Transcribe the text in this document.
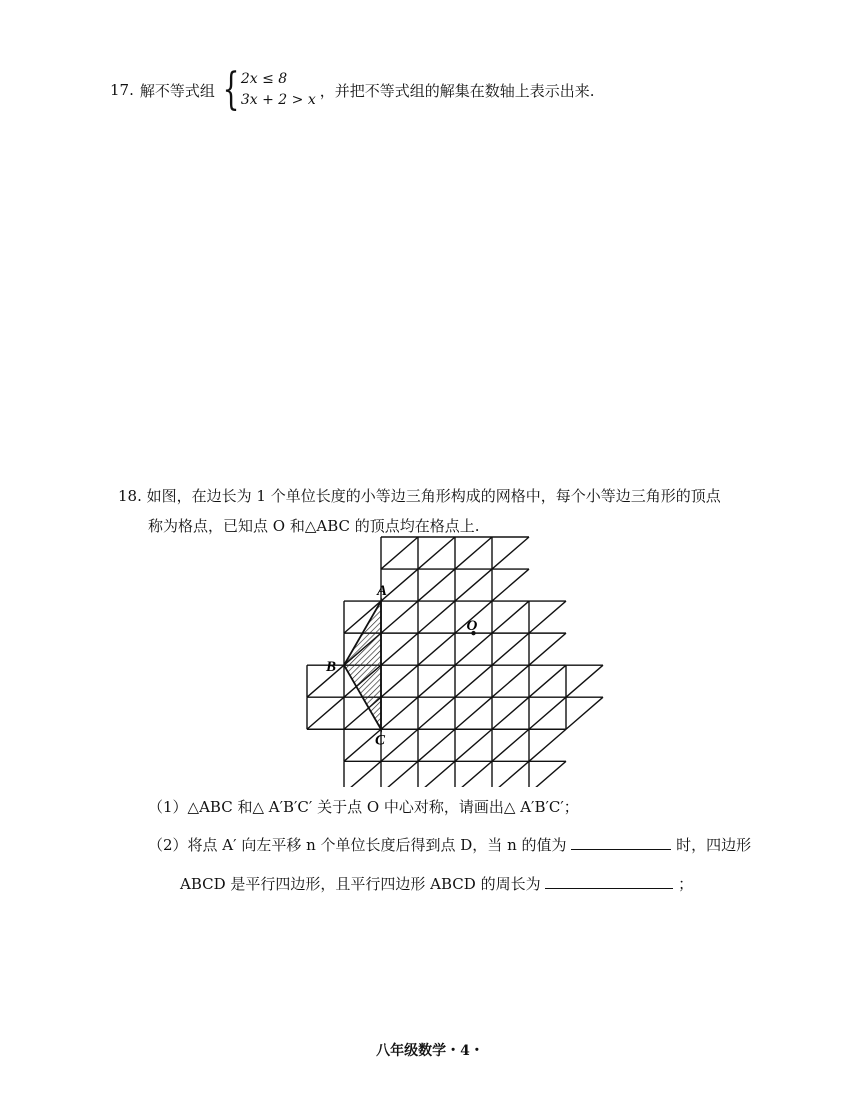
17. 解不等式组 { 2x ≤ 8
3x + 2 > x
，并把不等式组的解集在数轴上表示出来.
18. 如图，在边长为 1 个单位长度的小等边三角形构成的网格中，每个小等边三角形的顶点
称为格点，已知点 O 和△ABC 的顶点均在格点上.
A
B
C
O
（1）△ABC 和△ A′B′C′ 关于点 O 中心对称，请画出△ A′B′C′；
（2）将点 A′ 向左平移 n 个单位长度后得到点 D，当 n 的值为	时，四边形
ABCD 是平行四边形，且平行四边形 ABCD 的周长为	；
八年级数学・4・
